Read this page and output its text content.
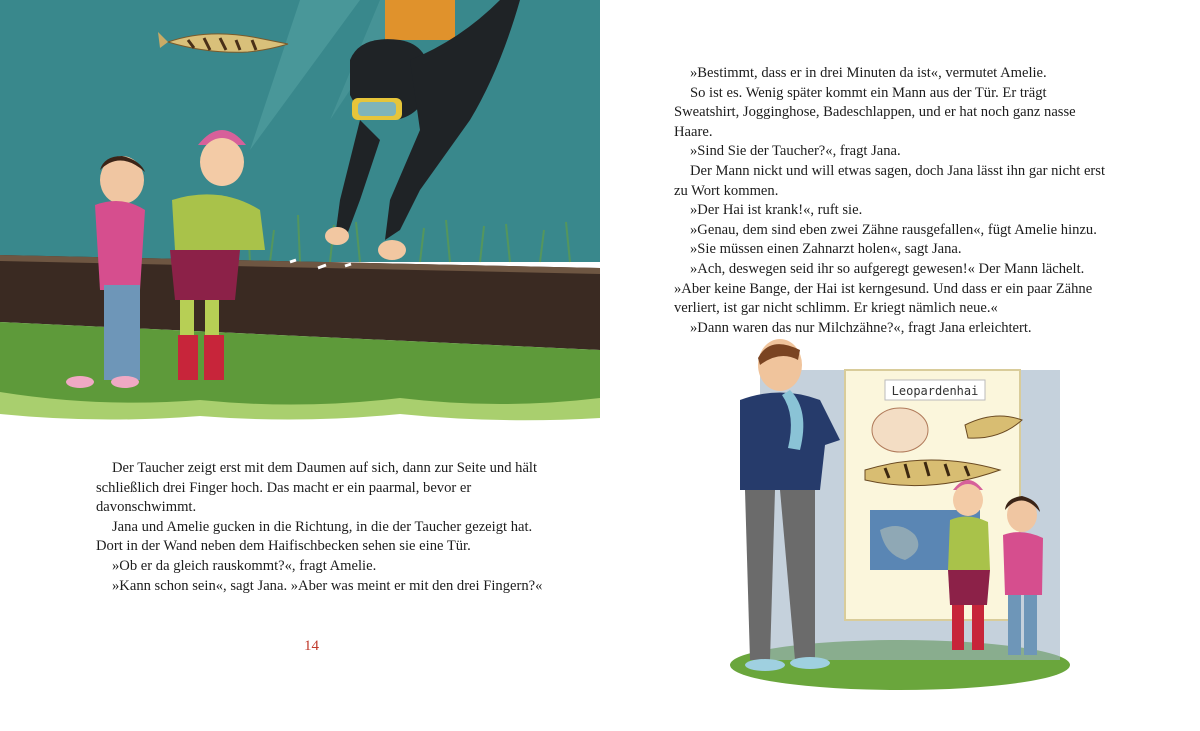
Der Taucher zeigt erst mit dem Daumen auf sich, dann zur Seite und hält schließlich drei Finger hoch. Das macht er ein paarmal, bevor er davonschwimmt.

Jana und Amelie gucken in die Richtung, in die der Taucher gezeigt hat. Dort in der Wand neben dem Haifischbecken sehen sie eine Tür.

»Ob er da gleich rauskommt?«, fragt Amelie.

»Kann schon sein«, sagt Jana. »Aber was meint er mit den drei Fingern?«

14

»Bestimmt, dass er in drei Minuten da ist«, vermutet Amelie.

So ist es. Wenig später kommt ein Mann aus der Tür. Er trägt Sweatshirt, Jogginghose, Badeschlappen, und er hat noch ganz nasse Haare.

»Sind Sie der Taucher?«, fragt Jana.

Der Mann nickt und will etwas sagen, doch Jana lässt ihn gar nicht erst zu Wort kommen.

»Der Hai ist krank!«, ruft sie.

»Genau, dem sind eben zwei Zähne rausgefallen«, fügt Amelie hinzu.

»Sie müssen einen Zahnarzt holen«, sagt Jana.

»Ach, deswegen seid ihr so aufgeregt gewesen!« Der Mann lächelt. »Aber keine Bange, der Hai ist kerngesund. Und dass er ein paar Zähne verliert, ist gar nicht schlimm. Er kriegt nämlich neue.«

»Dann waren das nur Milchzähne?«, fragt Jana erleichtert.

Leopardenhai
